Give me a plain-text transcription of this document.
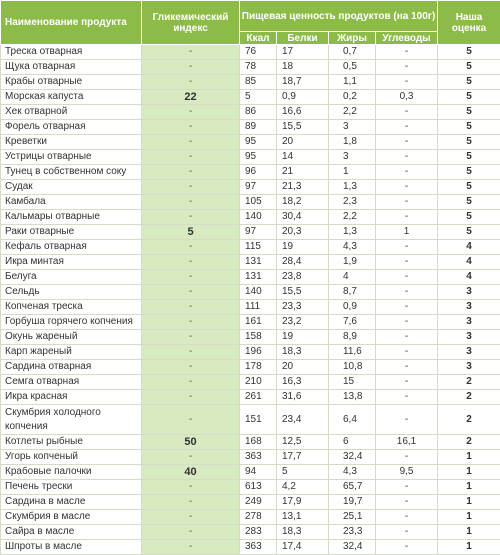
Наименование продукта	Гликемический индекс	Пищевая ценность продуктов (на 100г)				Наша оценка
		Ккал	Белки	Жиры	Углеводы	
Треска отварная	-	76	17	0,7	-	5
Щука отварная	-	78	18	0,5	-	5
Крабы отварные	-	85	18,7	1,1	-	5
Морская капуста	22	5	0,9	0,2	0,3	5
Хек отварной	-	86	16,6	2,2	-	5
Форель отварная	-	89	15,5	3	-	5
Креветки	-	95	20	1,8	-	5
Устрицы отварные	-	95	14	3	-	5
Тунец в собственном соку	-	96	21	1	-	5
Судак	-	97	21,3	1,3	-	5
Камбала	-	105	18,2	2,3	-	5
Кальмары отварные	-	140	30,4	2,2	-	5
Раки отварные	5	97	20,3	1,3	1	5
Кефаль отварная	-	115	19	4,3	-	4
Икра минтая	-	131	28,4	1,9	-	4
Белуга	-	131	23,8	4	-	4
Сельдь	-	140	15,5	8,7	-	3
Копченая треска	-	111	23,3	0,9	-	3
Горбуша горячего копчения	-	161	23,2	7,6	-	3
Окунь жареный	-	158	19	8,9	-	3
Карп жареный	-	196	18,3	11,6	-	3
Сардина отварная	-	178	20	10,8	-	3
Семга отварная	-	210	16,3	15	-	2
Икра красная	-	261	31,6	13,8	-	2
Скумбрия холодного копчения	-	151	23,4	6,4	-	2
Котлеты рыбные	50	168	12,5	6	16,1	2
Угорь копченый	-	363	17,7	32,4	-	1
Крабовые палочки	40	94	5	4,3	9,5	1
Печень трески	-	613	4,2	65,7	-	1
Сардина в масле	-	249	17,9	19,7	-	1
Скумбрия в масле	-	278	13,1	25,1	-	1
Сайра в масле	-	283	18,3	23,3	-	1
Шпроты в масле	-	363	17,4	32,4	-	1
